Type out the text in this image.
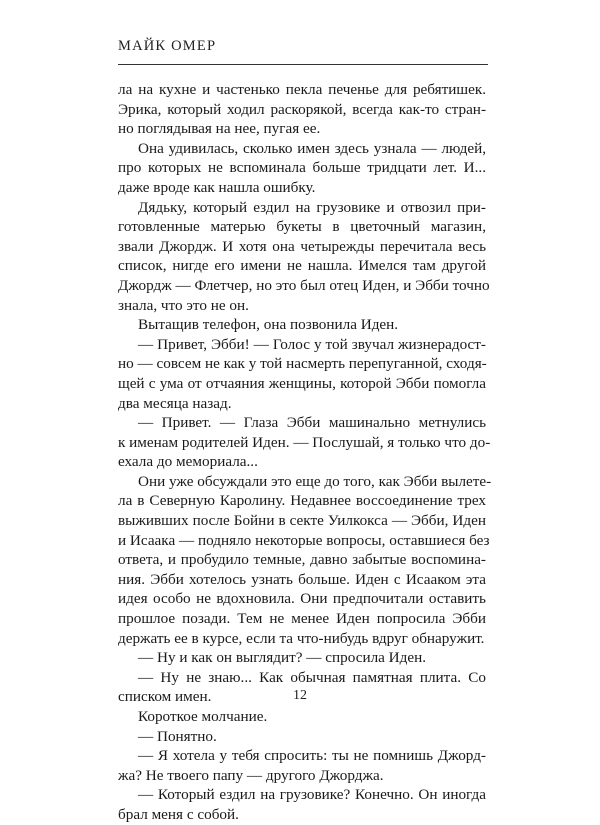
МАЙК ОМЕР
ла на кухне и частенько пекла печенье для ребятишек.
Эрика, который ходил раскорякой, всегда как-то стран-
но поглядывая на нее, пугая ее.
Она удивилась, сколько имен здесь узнала — людей,
про которых не вспоминала больше тридцати лет. И...
даже вроде как нашла ошибку.
Дядьку, который ездил на грузовике и отвозил при-
готовленные матерью букеты в цветочный магазин,
звали Джордж. И хотя она четырежды перечитала весь
список, нигде его имени не нашла. Имелся там другой
Джордж — Флетчер, но это был отец Иден, и Эбби точно
знала, что это не он.
Вытащив телефон, она позвонила Иден.
— Привет, Эбби! — Голос у той звучал жизнерадост-
но — совсем не как у той насмерть перепуганной, сходя-
щей с ума от отчаяния женщины, которой Эбби помогла
два месяца назад.
— Привет. — Глаза Эбби машинально метнулись
к именам родителей Иден. — Послушай, я только что до-
ехала до мемориала...
Они уже обсуждали это еще до того, как Эбби вылете-
ла в Северную Каролину. Недавнее воссоединение трех
выживших после Бойни в секте Уилкокса — Эбби, Иден
и Исаака — подняло некоторые вопросы, оставшиеся без
ответа, и пробудило темные, давно забытые воспомина-
ния. Эбби хотелось узнать больше. Иден с Исааком эта
идея особо не вдохновила. Они предпочитали оставить
прошлое позади. Тем не менее Иден попросила Эбби
держать ее в курсе, если та что-нибудь вдруг обнаружит.
— Ну и как он выглядит? — спросила Иден.
— Ну не знаю... Как обычная памятная плита. Со
списком имен.
Короткое молчание.
— Понятно.
— Я хотела у тебя спросить: ты не помнишь Джорд-
жа? Не твоего папу — другого Джорджа.
— Который ездил на грузовике? Конечно. Он иногда
брал меня с собой.
12
